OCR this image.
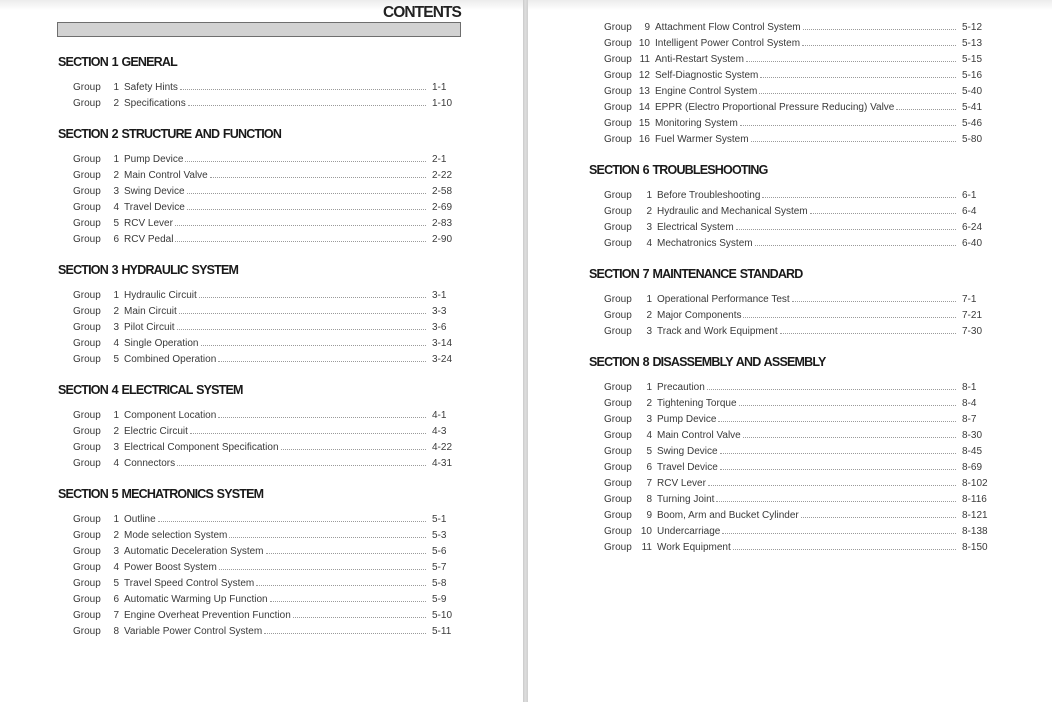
CONTENTS
SECTION 1 GENERAL
Group	1 Safety Hints	1-1
Group	2 Specifications	1-10
SECTION 2 STRUCTURE AND FUNCTION
Group	1 Pump Device	2-1
Group	2 Main Control Valve	2-22
Group	3 Swing Device	2-58
Group	4 Travel Device	2-69
Group	5 RCV Lever	2-83
Group	6 RCV Pedal	2-90
SECTION 3 HYDRAULIC SYSTEM
Group	1 Hydraulic Circuit	3-1
Group	2 Main Circuit	3-3
Group	3 Pilot Circuit	3-6
Group	4 Single Operation	3-14
Group	5 Combined Operation	3-24
SECTION 4 ELECTRICAL SYSTEM
Group	1 Component Location	4-1
Group	2 Electric Circuit	4-3
Group	3 Electrical Component Specification	4-22
Group	4 Connectors	4-31
SECTION 5 MECHATRONICS SYSTEM
Group	1 Outline	5-1
Group	2 Mode selection System	5-3
Group	3 Automatic Deceleration System	5-6
Group	4 Power Boost System	5-7
Group	5 Travel Speed Control System	5-8
Group	6 Automatic Warming Up Function	5-9
Group	7 Engine Overheat Prevention Function	5-10
Group	8 Variable Power Control System	5-11
Group	9 Attachment Flow Control System	5-12
Group 10 Intelligent Power Control System	5-13
Group 11 Anti-Restart System	5-15
Group 12 Self-Diagnostic System	5-16
Group 13 Engine Control System	5-40
Group 14 EPPR (Electro Proportional Pressure Reducing) Valve	5-41
Group 15 Monitoring System	5-46
Group 16 Fuel Warmer System	5-80
SECTION 6 TROUBLESHOOTING
Group	1 Before Troubleshooting	6-1
Group	2 Hydraulic and Mechanical System	6-4
Group	3 Electrical System	6-24
Group	4 Mechatronics System	6-40
SECTION 7 MAINTENANCE STANDARD
Group	1 Operational Performance Test	7-1
Group	2 Major Components	7-21
Group	3 Track and Work Equipment	7-30
SECTION 8 DISASSEMBLY AND ASSEMBLY
Group	1 Precaution	8-1
Group	2 Tightening Torque	8-4
Group	3 Pump Device	8-7
Group	4 Main Control Valve	8-30
Group	5 Swing Device	8-45
Group	6 Travel Device	8-69
Group	7 RCV Lever	8-102
Group	8 Turning Joint	8-116
Group	9 Boom, Arm and Bucket Cylinder	8-121
Group 10 Undercarriage	8-138
Group 11 Work Equipment	8-150
